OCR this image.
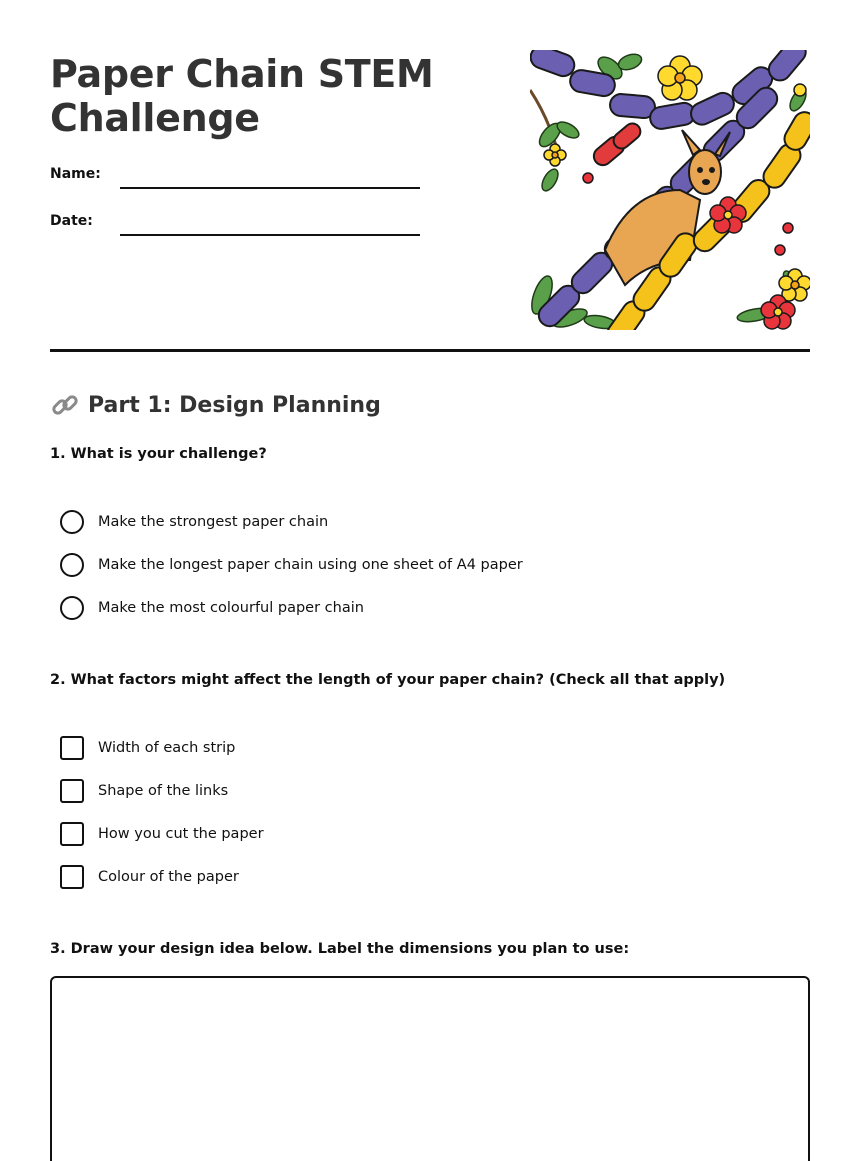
Paper Chain STEM Challenge
Name:
Date:
Part 1: Design Planning
1. What is your challenge?
Make the strongest paper chain
Make the longest paper chain using one sheet of A4 paper
Make the most colourful paper chain
2. What factors might affect the length of your paper chain? (Check all that apply)
Width of each strip
Shape of the links
How you cut the paper
Colour of the paper
3. Draw your design idea below. Label the dimensions you plan to use:
